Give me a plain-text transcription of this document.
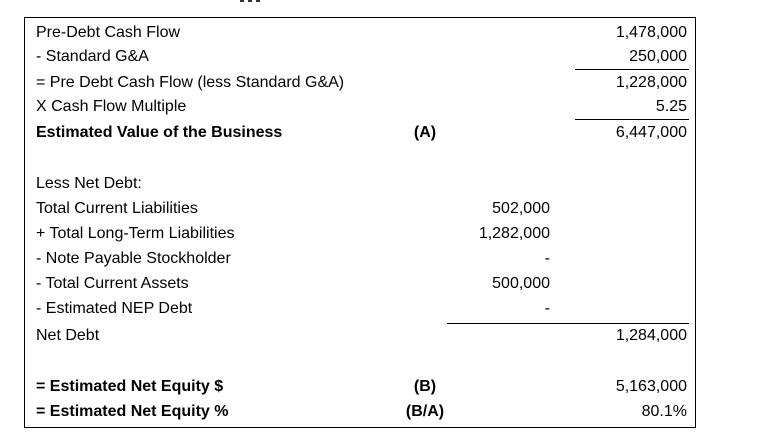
Pre-Debt Cash Flow	1,478,000
- Standard G&A	250,000
= Pre Debt Cash Flow (less Standard G&A)	1,228,000
X Cash Flow Multiple	5.25
Estimated Value of the Business	(A)	6,447,000
Less Net Debt:
Total Current Liabilities	502,000
+ Total Long-Term Liabilities	1,282,000
- Note Payable Stockholder	-
- Total Current Assets	500,000
- Estimated NEP Debt	-
Net Debt	1,284,000
= Estimated Net Equity $	(B)	5,163,000
= Estimated Net Equity %	(B/A)	80.1%
